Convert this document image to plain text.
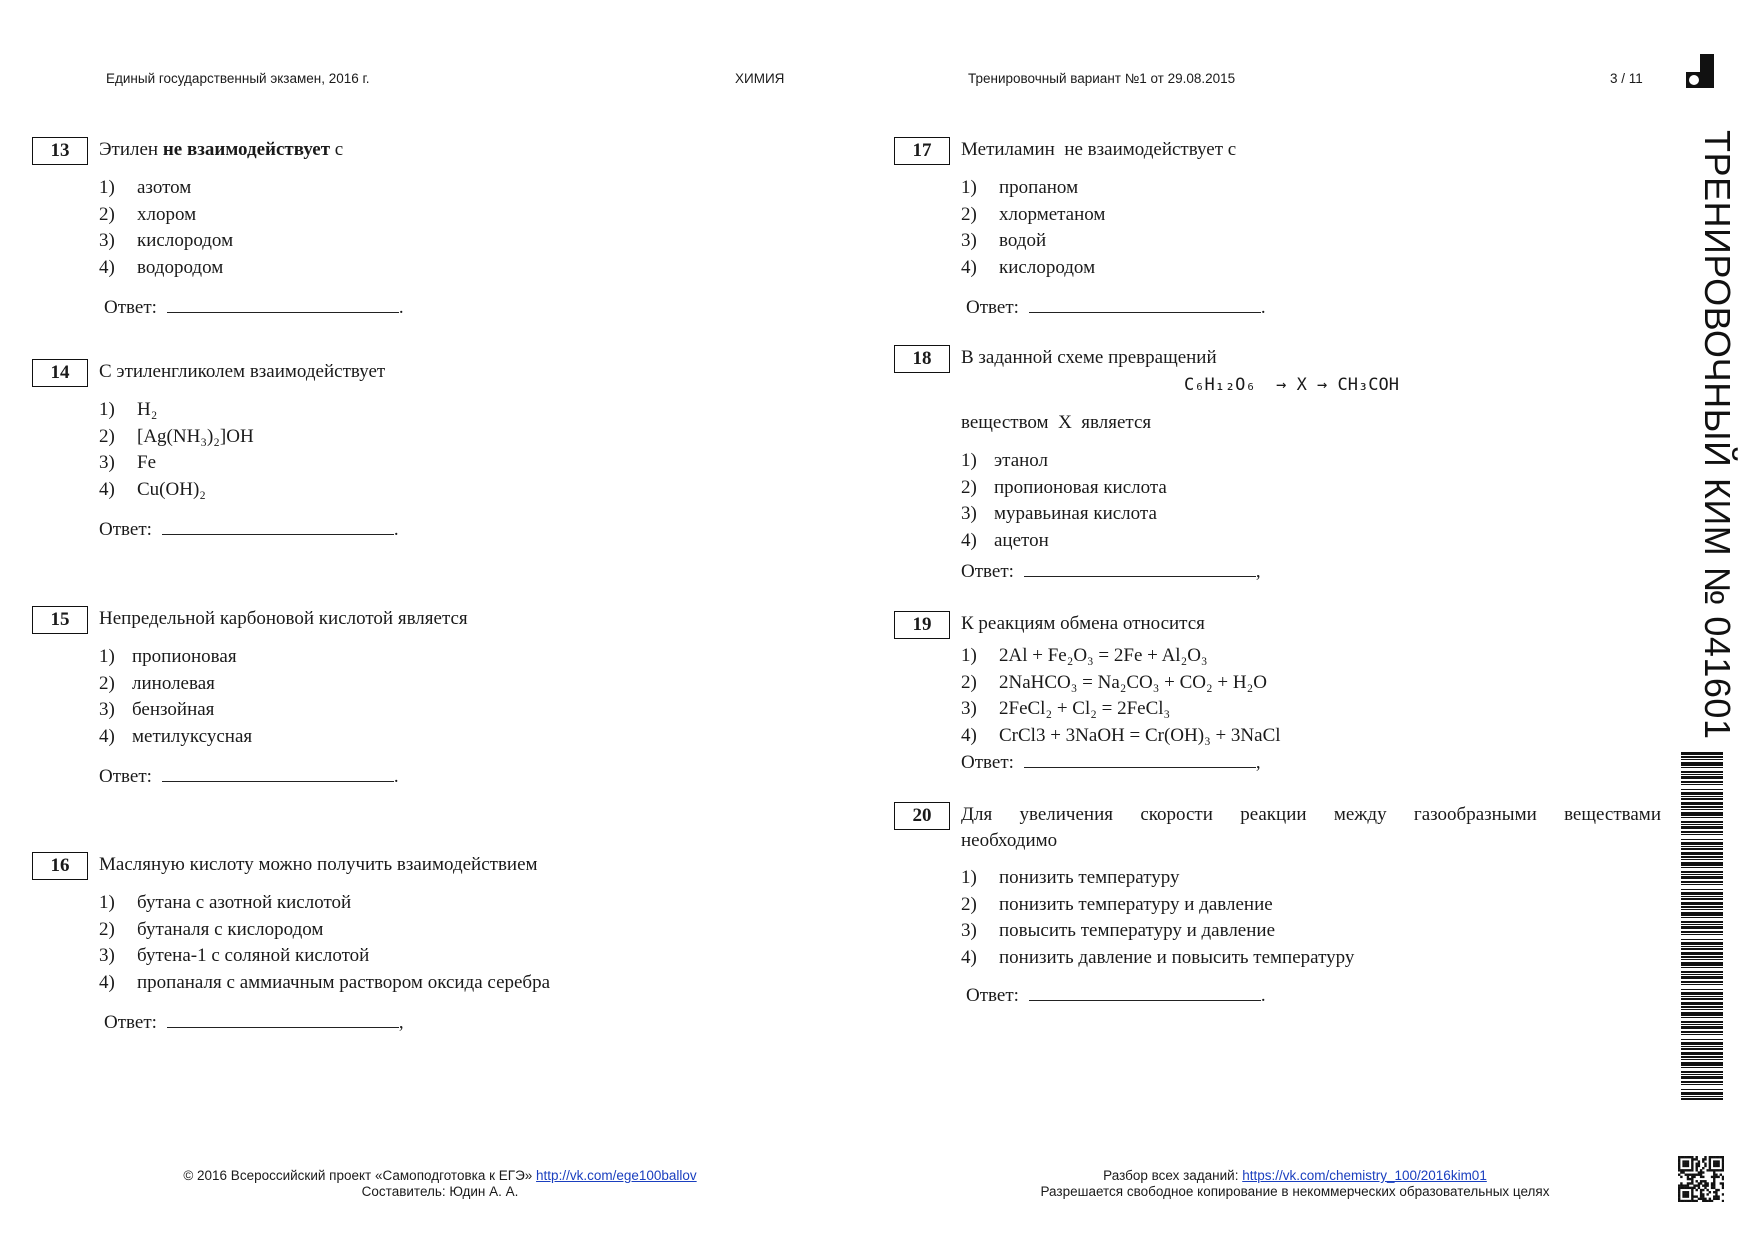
Единый государственный экзамен, 2016 г.	ХИМИЯ	Тренировочный вариант №1 от 29.08.2015	3 / 11
13	Этилен не взаимодействует с
1) азотом
2) хлором
3) кислородом
4) водородом
Ответ:	.
14	С этиленгликолем взаимодействует
1) H₂
2) [Ag(NH₃)₂]OH
3) Fe
4) Cu(OH)₂
Ответ:	.
15	Непредельной карбоновой кислотой является
1) пропионовая
2) линолевая
3) бензойная
4) метилуксусная
Ответ:	.
16	Масляную кислоту можно получить взаимодействием
1) бутана с азотной кислотой
2) бутаналя с кислородом
3) бутена-1 с соляной кислотой
4) пропаналя с аммиачным раствором оксида серебра
Ответ:	,
17	Метиламин  не взаимодействует с
1) пропаном
2) хлорметаном
3) водой
4) кислородом
Ответ:	.
18	В заданной схеме превращений
C₆H₁₂O₆  → X → CH₃COH
веществом  X  является
1) этанол
2) пропионовая кислота
3) муравьиная кислота
4) ацетон
Ответ:	,
19	К реакциям обмена относится
1) 2Al + Fe₂O₃ = 2Fe + Al₂O₃
2) 2NaHCO₃ = Na₂CO₃ + CO₂ + H₂O
3) 2FeCl₂ + Cl₂ = 2FeCl₃
4) CrCl3 + 3NaOH = Cr(OH)₃ + 3NaCl
Ответ:	,
20	Для увеличения скорости реакции между газообразными веществами
необходимо
1) понизить температуру
2) понизить температуру и давление
3) повысить температуру и давление
4) понизить давление и повысить температуру
Ответ:	.
ТРЕНИРОВОЧНЫЙ КИМ № 041601
© 2016 Всероссийский проект «Самоподготовка к ЕГЭ» http://vk.com/ege100ballov
Составитель: Юдин А. А.
Разбор всех заданий: https://vk.com/chemistry_100/2016kim01
Разрешается свободное копирование в некоммерческих образовательных целях
